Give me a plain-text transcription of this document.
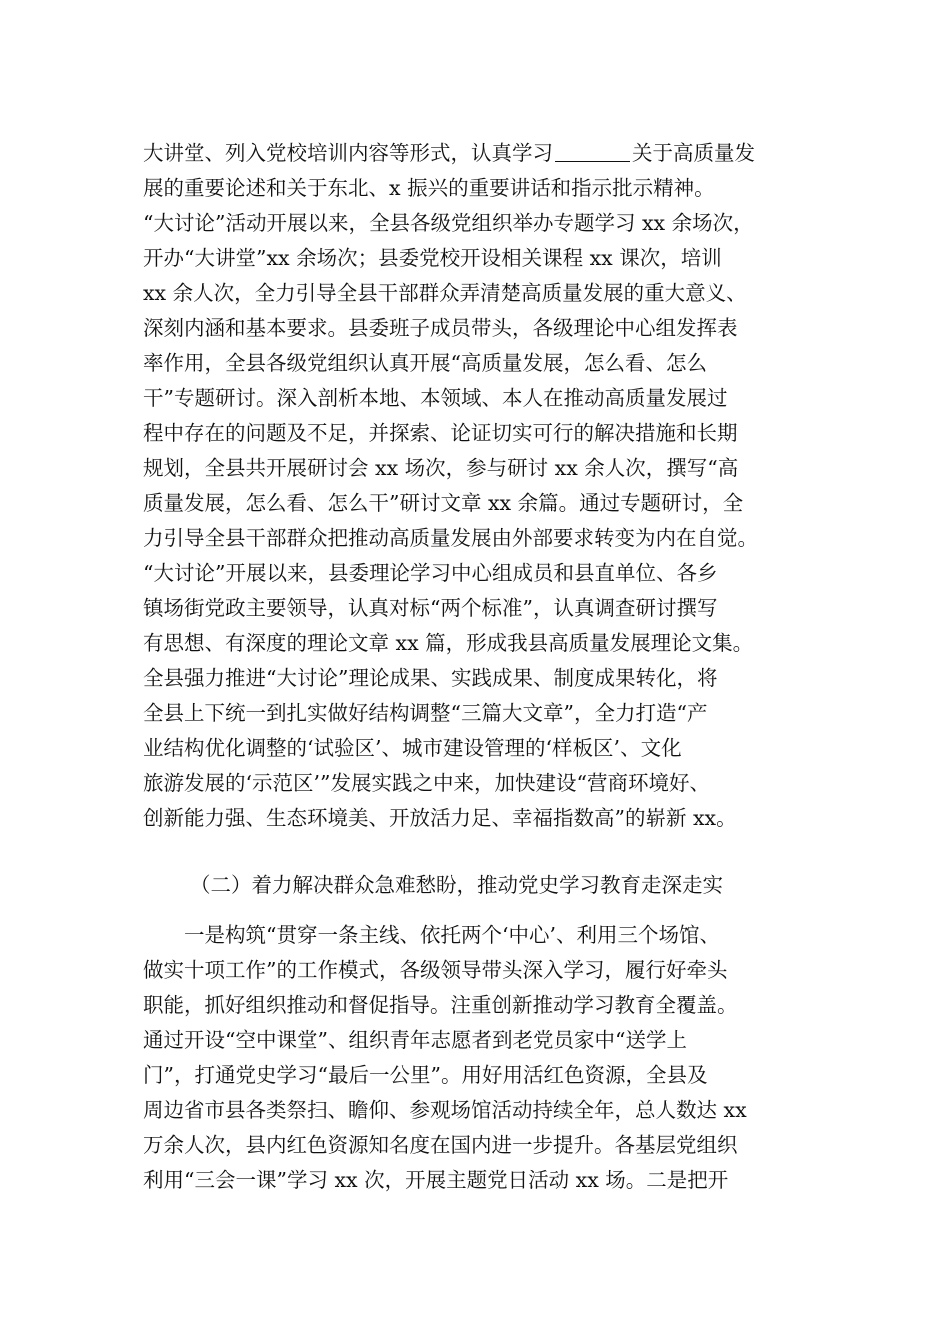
大讲堂、列入党校培训内容等形式，认真学习	关于高质量发
展的重要论述和关于东北、x 振兴的重要讲话和指示批示精神。
“大讨论”活动开展以来，全县各级党组织举办专题学习 xx 余场次，
开办“大讲堂”xx 余场次；县委党校开设相关课程 xx 课次，培训
xx 余人次，全力引导全县干部群众弄清楚高质量发展的重大意义、
深刻内涵和基本要求。县委班子成员带头，各级理论中心组发挥表
率作用，全县各级党组织认真开展“高质量发展，怎么看、怎么
干”专题研讨。深入剖析本地、本领域、本人在推动高质量发展过
程中存在的问题及不足，并探索、论证切实可行的解决措施和长期
规划，全县共开展研讨会 xx 场次，参与研讨 xx 余人次，撰写“高
质量发展，怎么看、怎么干”研讨文章 xx 余篇。通过专题研讨，全
力引导全县干部群众把推动高质量发展由外部要求转变为内在自觉。
“大讨论”开展以来，县委理论学习中心组成员和县直单位、各乡
镇场街党政主要领导，认真对标“两个标准”，认真调查研讨撰写
有思想、有深度的理论文章 xx 篇，形成我县高质量发展理论文集。
全县强力推进“大讨论”理论成果、实践成果、制度成果转化，将
全县上下统一到扎实做好结构调整“三篇大文章”，全力打造“产
业结构优化调整的‘试验区’、城市建设管理的‘样板区’、文化
旅游发展的‘示范区’”发展实践之中来，加快建设“营商环境好、
创新能力强、生态环境美、开放活力足、幸福指数高”的崭新 xx。
（二）着力解决群众急难愁盼，推动党史学习教育走深走实
　　一是构筑“贯穿一条主线、依托两个‘中心’、利用三个场馆、
做实十项工作”的工作模式，各级领导带头深入学习，履行好牵头
职能，抓好组织推动和督促指导。注重创新推动学习教育全覆盖。
通过开设“空中课堂”、组织青年志愿者到老党员家中“送学上
门”，打通党史学习“最后一公里”。用好用活红色资源，全县及
周边省市县各类祭扫、瞻仰、参观场馆活动持续全年，总人数达 xx
万余人次，县内红色资源知名度在国内进一步提升。各基层党组织
利用“三会一课”学习 xx 次，开展主题党日活动 xx 场。二是把开
